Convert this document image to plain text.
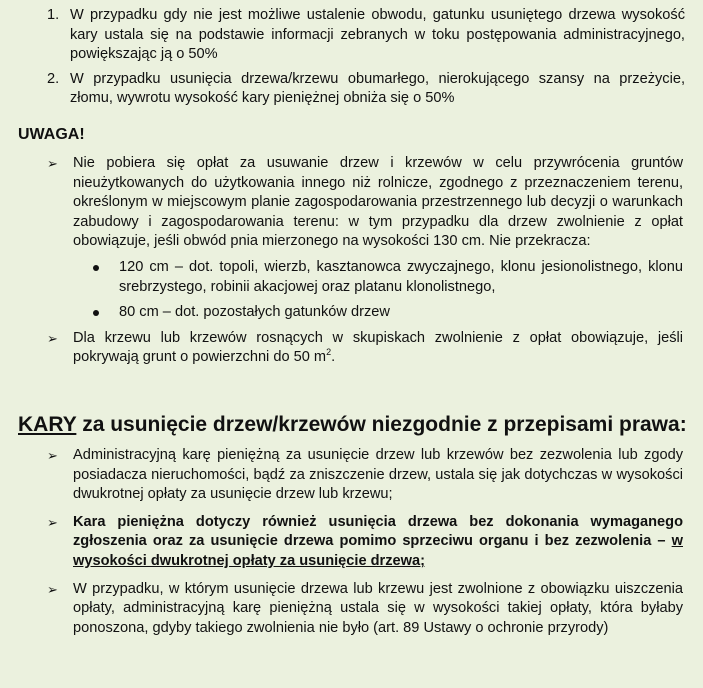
1. W przypadku gdy nie jest możliwe ustalenie obwodu, gatunku usuniętego drzewa wysokość kary ustala się na podstawie informacji zebranych w toku postępowania administracyjnego, powiększając ją o 50%
2. W przypadku usunięcia drzewa/krzewu obumarłego, nierokującego szansy na przeżycie, złomu, wywrotu wysokość kary pieniężnej obniża się o 50%
UWAGA!
➢ Nie pobiera się opłat za usuwanie drzew i krzewów w celu przywrócenia gruntów nieużytkowanych do użytkowania innego niż rolnicze, zgodnego z przeznaczeniem terenu, określonym w miejscowym planie zagospodarowania przestrzennego lub decyzji o warunkach zabudowy i zagospodarowania terenu: w tym przypadku dla drzew zwolnienie z opłat obowiązuje, jeśli obwód pnia mierzonego na wysokości 130 cm. Nie przekracza:
120 cm – dot. topoli, wierzb, kasztanowca zwyczajnego, klonu jesionolistnego, klonu srebrzystego, robinii akacjowej oraz platanu klonolistnego,
80 cm – dot. pozostałych gatunków drzew
➢ Dla krzewu lub krzewów rosnących w skupiskach zwolnienie z opłat obowiązuje, jeśli pokrywają grunt o powierzchni do 50 $m^2$.
KARY za usunięcie drzew/krzewów niezgodnie z przepisami prawa:
➢ Administracyjną karę pieniężną za usunięcie drzew lub krzewów bez zezwolenia lub zgody posiadacza nieruchomości, bądź za zniszczenie drzew, ustala się jak dotychczas w wysokości dwukrotnej opłaty za usunięcie drzew lub krzewu;
➢ Kara pieniężna dotyczy również usunięcia drzewa bez dokonania wymaganego zgłoszenia oraz za usunięcie drzewa pomimo sprzeciwu organu i bez zezwolenia – w wysokości dwukrotnej opłaty za usunięcie drzewa;
➢ W przypadku, w którym usunięcie drzewa lub krzewu jest zwolnione z obowiązku uiszczenia opłaty, administracyjną karę pieniężną ustala się w wysokości takiej opłaty, która byłaby ponoszona, gdyby takiego zwolnienia nie było (art. 89 Ustawy o ochronie przyrody)
